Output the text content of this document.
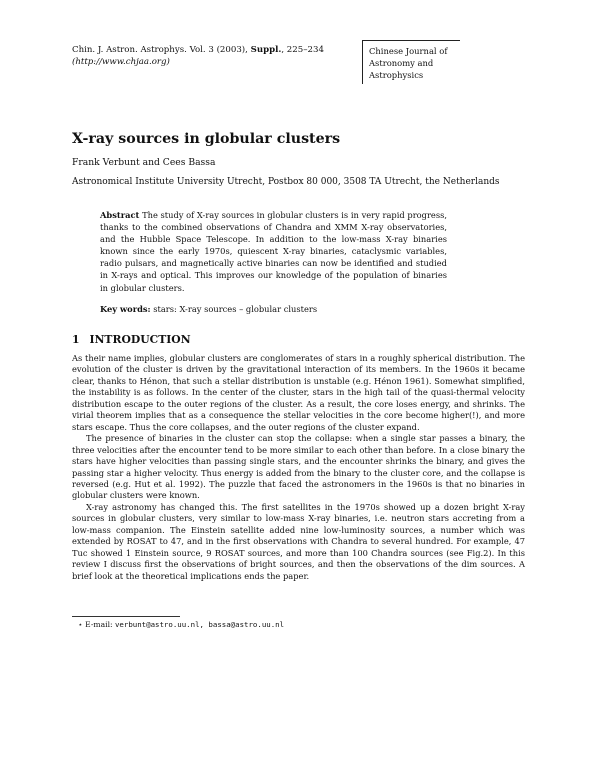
Chin. J. Astron. Astrophys. Vol. 3 (2003), Suppl., 225–234
(http://www.chjaa.org)
Chinese Journal of
Astronomy and
Astrophysics
X-ray sources in globular clusters
Frank Verbunt and Cees Bassa
Astronomical Institute University Utrecht, Postbox 80 000, 3508 TA Utrecht, the Netherlands
Abstract The study of X-ray sources in globular clusters is in very rapid progress, thanks to the combined observations of Chandra and XMM X-ray observatories, and the Hubble Space Telescope. In addition to the low-mass X-ray binaries known since the early 1970s, quiescent X-ray binaries, cataclysmic variables, radio pulsars, and magnetically active binaries can now be identified and studied in X-rays and optical. This improves our knowledge of the population of binaries in globular clusters.
Key words: stars: X-ray sources – globular clusters
1 INTRODUCTION

As their name implies, globular clusters are conglomerates of stars in a roughly spherical distribution. The evolution of the cluster is driven by the gravitational interaction of its members. In the 1960s it became clear, thanks to Hénon, that such a stellar distribution is unstable (e.g. Hénon 1961). Somewhat simplified, the instability is as follows. In the center of the cluster, stars in the high tail of the quasi-thermal velocity distribution escape to the outer regions of the cluster. As a result, the core loses energy, and shrinks. The virial theorem implies that as a consequence the stellar velocities in the core become higher(!), and more stars escape. Thus the core collapses, and the outer regions of the cluster expand.

The presence of binaries in the cluster can stop the collapse: when a single star passes a binary, the three velocities after the encounter tend to be more similar to each other than before. In a close binary the stars have higher velocities than passing single stars, and the encounter shrinks the binary, and gives the passing star a higher velocity. Thus energy is added from the binary to the cluster core, and the collapse is reversed (e.g. Hut et al. 1992). The puzzle that faced the astronomers in the 1960s is that no binaries in globular clusters were known.

X-ray astronomy has changed this. The first satellites in the 1970s showed up a dozen bright X-ray sources in globular clusters, very similar to low-mass X-ray binaries, i.e. neutron stars accreting from a low-mass companion. The Einstein satellite added nine low-luminosity sources, a number which was extended by ROSAT to 47, and in the first observations with Chandra to several hundred. For example, 47 Tuc showed 1 Einstein source, 9 ROSAT sources, and more than 100 Chandra sources (see Fig.2). In this review I discuss first the observations of bright sources, and then the observations of the dim sources. A brief look at the theoretical implications ends the paper.

⋆ E-mail: verbunt@astro.uu.nl, bassa@astro.uu.nl
